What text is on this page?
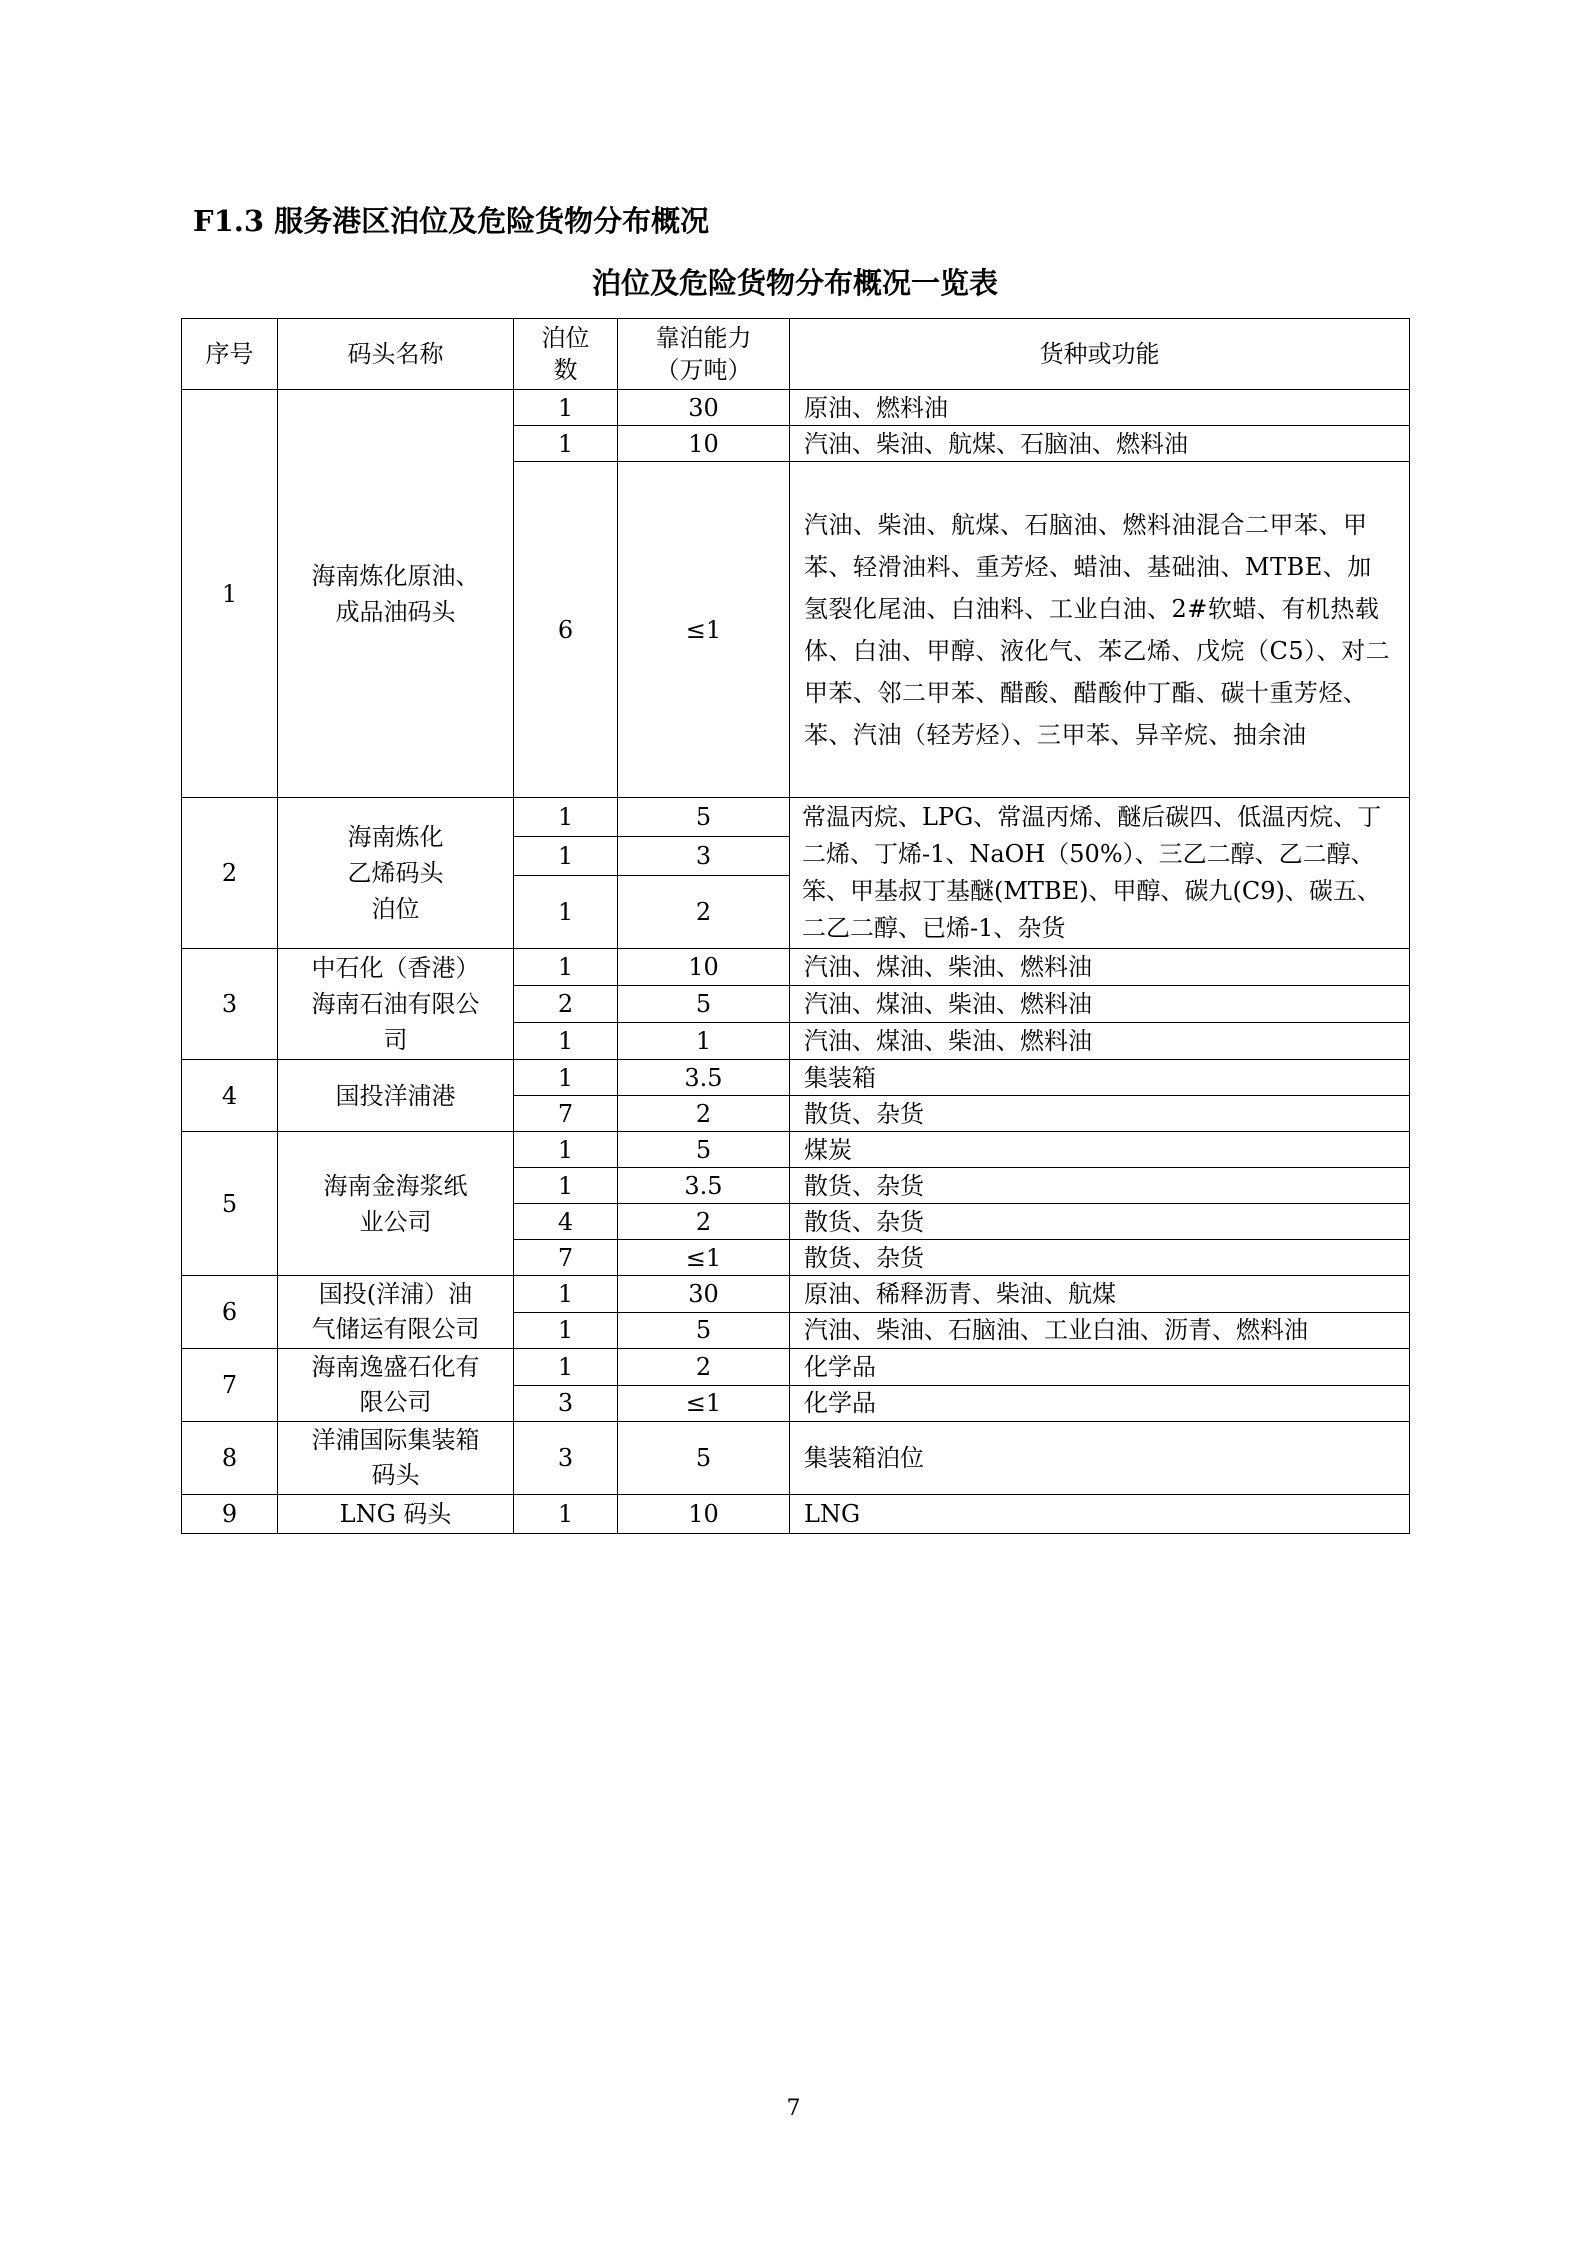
F1.3 服务港区泊位及危险货物分布概况
泊位及危险货物分布概况一览表
序号	码头名称	泊位数	靠泊能力（万吨）	货种或功能
1	海南炼化原油、成品油码头	1	30	原油、燃料油
		1	10	汽油、柴油、航煤、石脑油、燃料油
		6	≤1	汽油、柴油、航煤、石脑油、燃料油混合二甲苯、甲苯、轻滑油料、重芳烃、蜡油、基础油、MTBE、加氢裂化尾油、白油料、工业白油、2#软蜡、有机热载体、白油、甲醇、液化气、苯乙烯、戊烷（C5）、对二甲苯、邻二甲苯、醋酸、醋酸仲丁酯、碳十重芳烃、苯、汽油（轻芳烃）、三甲苯、异辛烷、抽余油
2	海南炼化乙烯码头泊位	1	5	常温丙烷、LPG、常温丙烯、醚后碳四、低温丙烷、丁二烯、丁烯-1、NaOH（50%）、三乙二醇、乙二醇、笨、甲基叔丁基醚(MTBE)、甲醇、碳九(C9)、碳五、二乙二醇、已烯-1、杂货
		1	3	
		1	2	
3	中石化（香港）海南石油有限公司	1	10	汽油、煤油、柴油、燃料油
		2	5	汽油、煤油、柴油、燃料油
		1	1	汽油、煤油、柴油、燃料油
4	国投洋浦港	1	3.5	集装箱
		7	2	散货、杂货
5	海南金海浆纸业公司	1	5	煤炭
		1	3.5	散货、杂货
		4	2	散货、杂货
		7	≤1	散货、杂货
6	国投(洋浦）油气储运有限公司	1	30	原油、稀释沥青、柴油、航煤
		1	5	汽油、柴油、石脑油、工业白油、沥青、燃料油
7	海南逸盛石化有限公司	1	2	化学品
		3	≤1	化学品
8	洋浦国际集装箱码头	3	5	集装箱泊位
9	LNG 码头	1	10	LNG
7
